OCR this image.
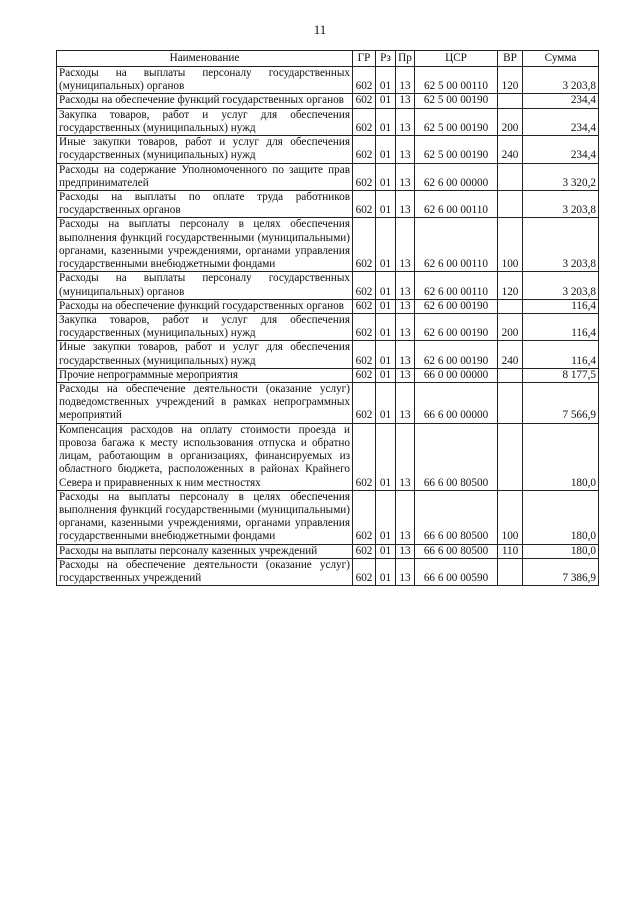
11
Наименование	ГР	Рз	Пр	ЦСР	ВР	Сумма
Расходы на выплаты персоналу государственных (муниципальных) органов	602	01	13	62 5 00 00110	120	3 203,8
Расходы на обеспечение функций государственных органов	602	01	13	62 5 00 00190		234,4
Закупка товаров, работ и услуг для обеспечения государственных (муниципальных) нужд	602	01	13	62 5 00 00190	200	234,4
Иные закупки товаров, работ и услуг для обеспечения государственных (муниципальных) нужд	602	01	13	62 5 00 00190	240	234,4
Расходы на содержание Уполномоченного по защите прав предпринимателей	602	01	13	62 6 00 00000		3 320,2
Расходы на выплаты по оплате труда работников государственных органов	602	01	13	62 6 00 00110		3 203,8
Расходы на выплаты персоналу в целях обеспечения выполнения функций государственными (муниципальными) органами, казенными учреждениями, органами управления государственными внебюджетными фондами	602	01	13	62 6 00 00110	100	3 203,8
Расходы на выплаты персоналу государственных (муниципальных) органов	602	01	13	62 6 00 00110	120	3 203,8
Расходы на обеспечение функций государственных органов	602	01	13	62 6 00 00190		116,4
Закупка товаров, работ и услуг для обеспечения государственных (муниципальных) нужд	602	01	13	62 6 00 00190	200	116,4
Иные закупки товаров, работ и услуг для обеспечения государственных (муниципальных) нужд	602	01	13	62 6 00 00190	240	116,4
Прочие непрограммные мероприятия	602	01	13	66 0 00 00000		8 177,5
Расходы на обеспечение деятельности (оказание услуг) подведомственных учреждений в рамках непрограммных мероприятий	602	01	13	66 6 00 00000		7 566,9
Компенсация расходов на оплату стоимости проезда и провоза багажа к месту использования отпуска и обратно лицам, работающим в организациях, финансируемых из областного бюджета, расположенных в районах Крайнего Севера и приравненных к ним местностях	602	01	13	66 6 00 80500		180,0
Расходы на выплаты персоналу в целях обеспечения выполнения функций государственными (муниципальными) органами, казенными учреждениями, органами управления государственными внебюджетными фондами	602	01	13	66 6 00 80500	100	180,0
Расходы на выплаты персоналу казенных учреждений	602	01	13	66 6 00 80500	110	180,0
Расходы на обеспечение деятельности (оказание услуг) государственных учреждений	602	01	13	66 6 00 00590		7 386,9
